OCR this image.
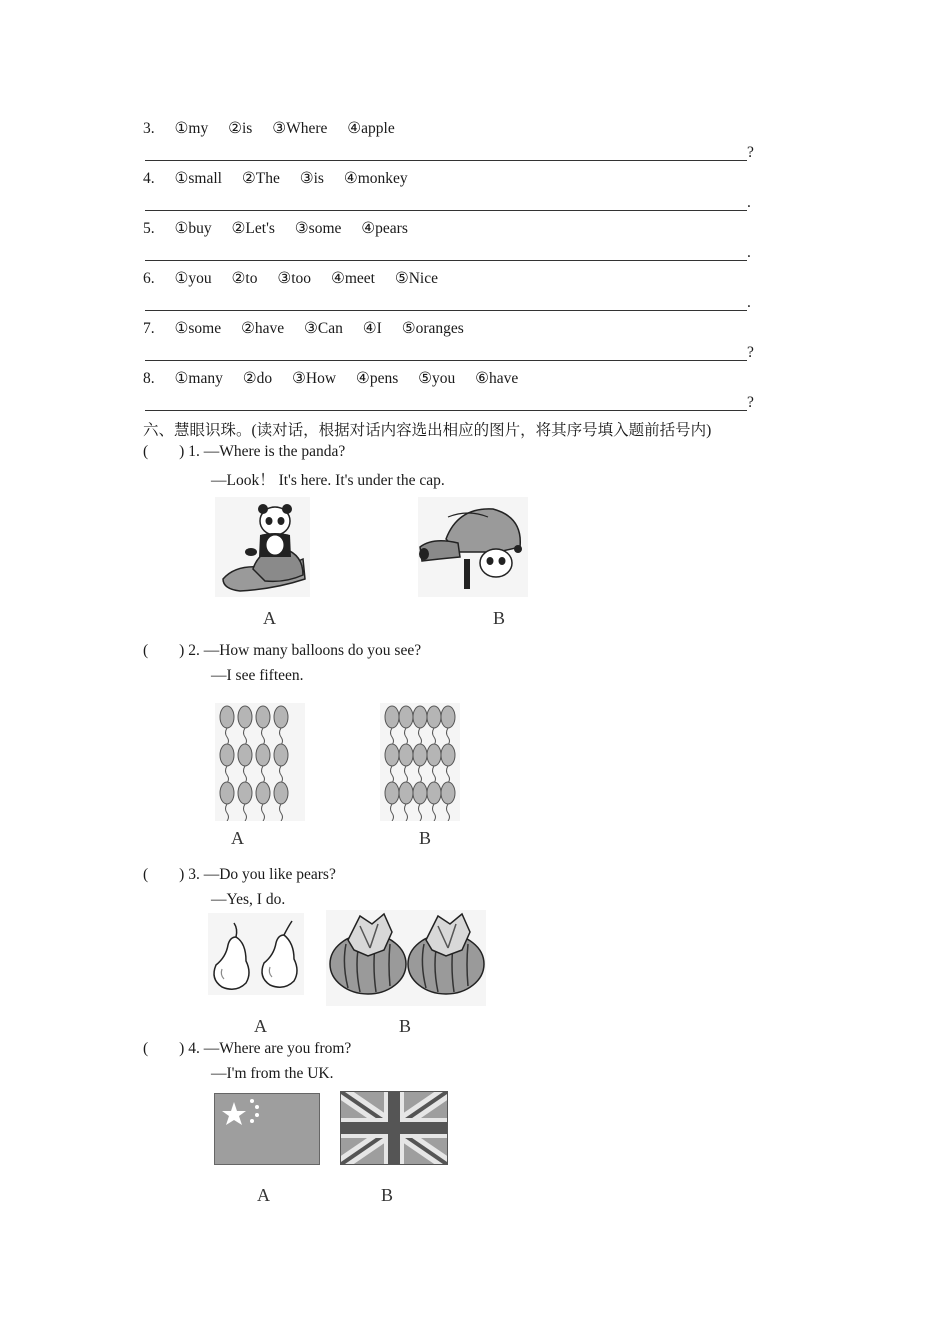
3. ①my ②is ③Where ④apple
?
4. ①small ②The ③is ④monkey
.
5. ①buy ②Let's ③some ④pears
.
6. ①you ②to ③too ④meet ⑤Nice
.
7. ①some ②have ③Can ④I ⑤oranges
?
8. ①many ②do ③How ④pens ⑤you ⑥have
?
六、慧眼识珠。(读对话，根据对话内容选出相应的图片，将其序号填入题前括号内)
(        ) 1. —Where is the panda?
—Look！ It's here. It's under the cap.
A	B
(        ) 2. —How many balloons do you see?
—I see fifteen.
A	B
(        ) 3. —Do you like pears?
—Yes, I do.
A	B
(        ) 4. —Where are you from?
—I'm from the UK.
A	B
